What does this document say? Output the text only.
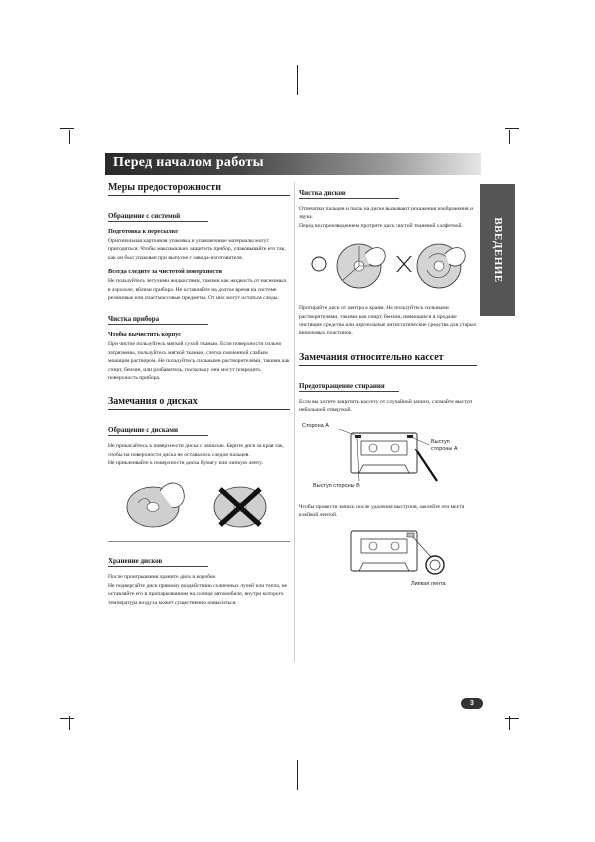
Перед началом работы
ВВЕДЕНИЕ
Меры предосторожности
Обращение с системой
Подготовка к пересылке
Оригинальная картонная упаковка и упаковочные материалы могут пригодиться. Чтобы максимально защитить прибор, упаковывайте его так, как он был упакован при выпуске с завода-изготовителя.
Всегда следите за чистотой поверхности
Не пользуйтесь летучими жидкостями, такими как жидкость от насекомых в аэрозоле, вблизи прибора. Не оставляйте на долгое время на системе резиновые или пластмассовые предметы. От них могут остаться следы.
Чистка прибора
Чтобы вычистить корпус
При чистке пользуйтесь мягкой сухой тканью. Если поверхности сильно загрязнены, пользуйтесь мягкой тканью, слегка смоченной слабым моющим раствором. Не пользуйтесь сильными растворителями, такими как спирт, бензин, или разбавитель, поскольку они могут повредить поверхность прибора.
Замечания о дисках
Обращение с дисками
Не прикасайтесь к поверхности диска с записью. Берите диск за края так, чтобы на поверхности диска не оставалось следов пальцев.
Не приклеивайте к поверхности диска бумагу или липкую ленту.
Хранение дисков
После проигрывания храните диск в коробке.
Не подвергайте диск прямому воздействию солнечных лучей или тепла, не оставляйте его в припаркованном на солнце автомобиле, внутри которого температура воздуха может существенно повыситься.
Чистка дисков
Отпечатки пальцев и пыль на диске вызывают искажения изображения и звука.
Перед воспроизведением протрите диск чистой тканевой салфеткой.
Протирайте диск от центра к краям. Не пользуйтесь сильными растворителями, такими как спирт, бензин, имеющиеся в продаже чистящие средства или аэрозольные антистатические средства для старых виниловых пластинок.
Замечания относительно кассет
Предотвращение стирания
Если вы хотите защитить кассету от случайной записи, сломайте выступ небольшой отверткой.
Сторона А
Выступ
стороны А
Выступ стороны В
Чтобы провести запись после удаления выступов, заклейте эти места клейкой лентой.
Липкая лента
3
